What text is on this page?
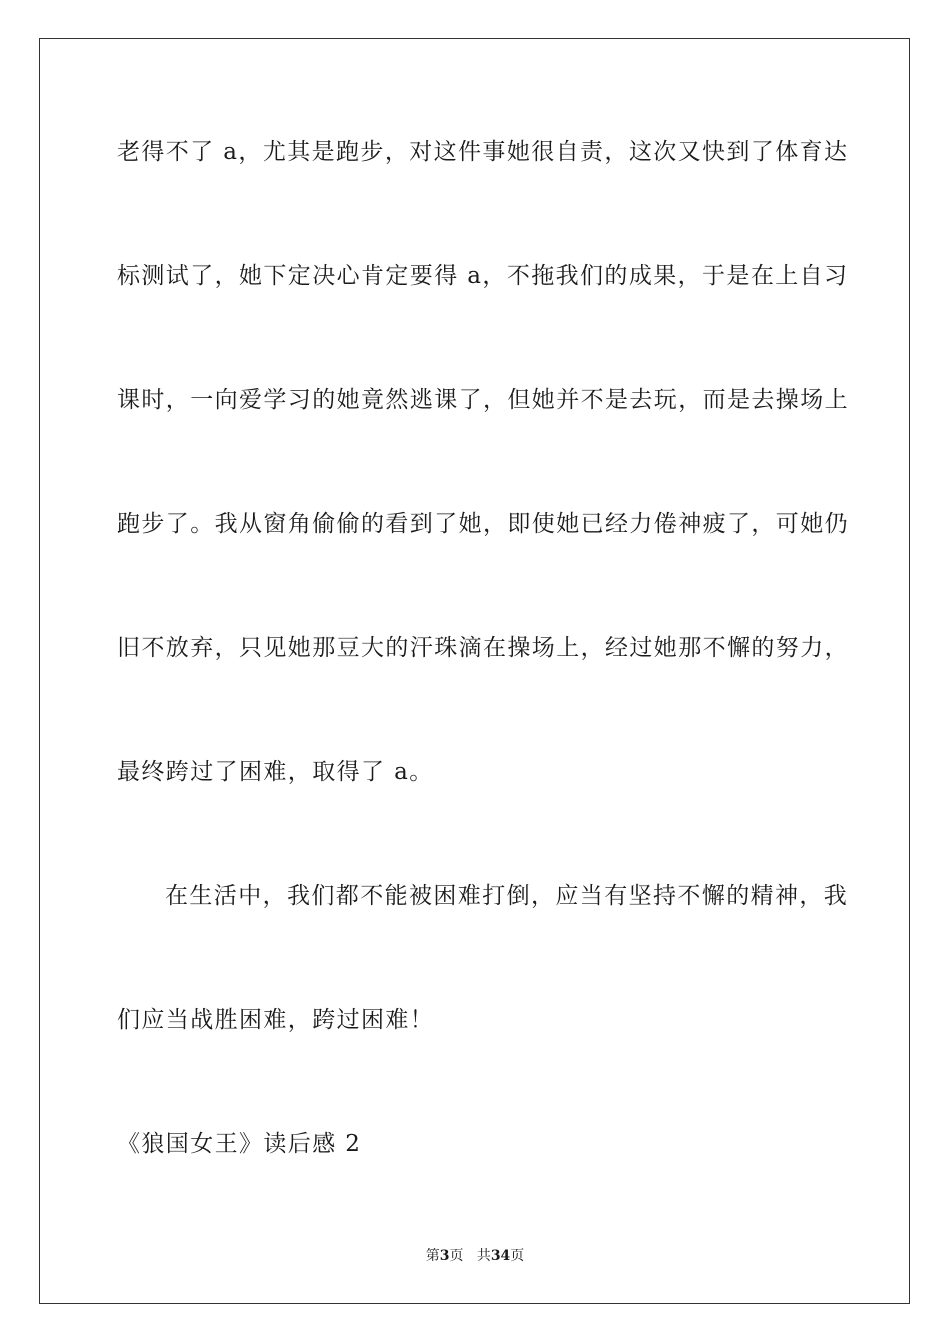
老得不了 a，尤其是跑步，对这件事她很自责，这次又快到了体育达
标测试了，她下定决心肯定要得 a，不拖我们的成果，于是在上自习
课时，一向爱学习的她竟然逃课了，但她并不是去玩，而是去操场上
跑步了。我从窗角偷偷的看到了她，即使她已经力倦神疲了，可她仍
旧不放弃，只见她那豆大的汗珠滴在操场上，经过她那不懈的努力，
最终跨过了困难，取得了 a。
在生活中，我们都不能被困难打倒，应当有坚持不懈的精神，我
们应当战胜困难，跨过困难！
《狼国女王》读后感 2
第3页 共34页
